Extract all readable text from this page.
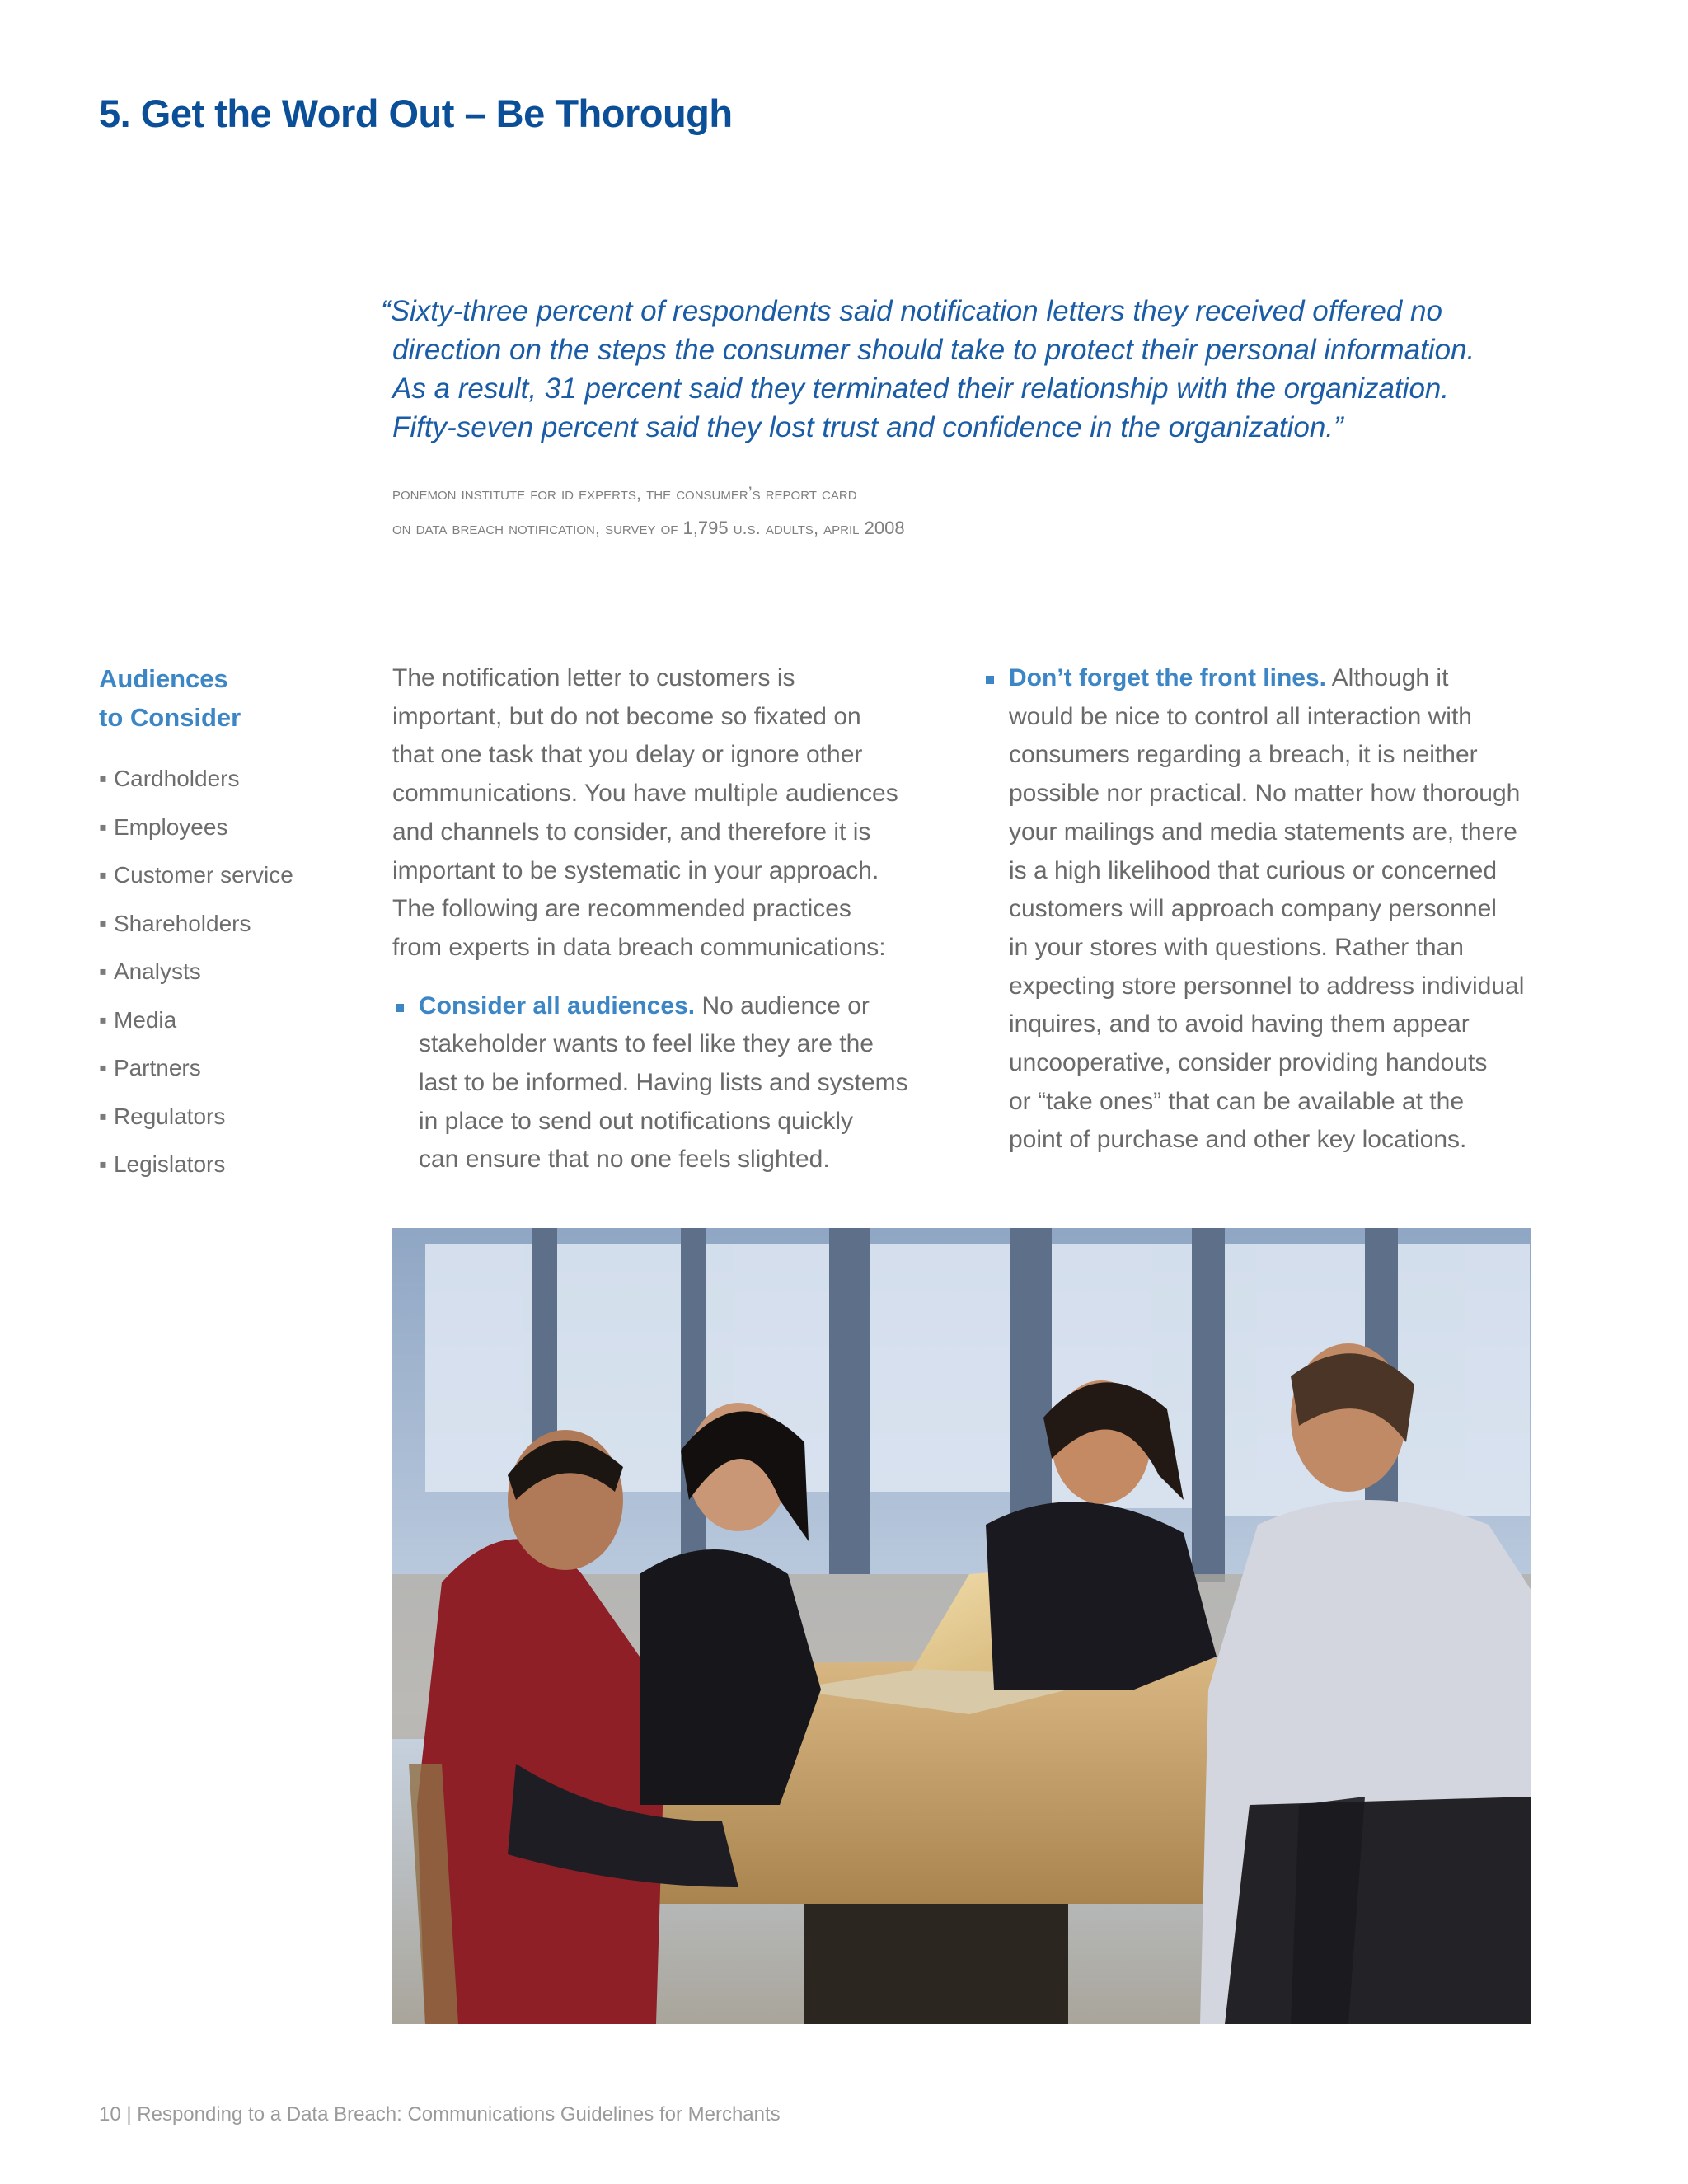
5. Get the Word Out – Be Thorough
“Sixty-three percent of respondents said notification letters they received offered no
direction on the steps the consumer should take to protect their personal information.
As a result, 31 percent said they terminated their relationship with the organization.
Fifty-seven percent said they lost trust and confidence in the organization.”

ponemon institute for id experts, the consumer’s report card
on data breach notification, survey of 1,795 u.s. adults, april 2008

Audiences
to Consider
▪ Cardholders
▪ Employees
▪ Customer service
▪ Shareholders
▪ Analysts
▪ Media
▪ Partners
▪ Regulators
▪ Legislators
The notification letter to customers is
important, but do not become so fixated on
that one task that you delay or ignore other
communications. You have multiple audiences
and channels to consider, and therefore it is
important to be systematic in your approach.
The following are recommended practices
from experts in data breach communications:
Consider all audiences. No audience or
stakeholder wants to feel like they are the
last to be informed. Having lists and systems
in place to send out notifications quickly
can ensure that no one feels slighted.
Don’t forget the front lines. Although it
would be nice to control all interaction with
consumers regarding a breach, it is neither
possible nor practical. No matter how thorough
your mailings and media statements are, there
is a high likelihood that curious or concerned
customers will approach company personnel
in your stores with questions. Rather than
expecting store personnel to address individual
inquires, and to avoid having them appear
uncooperative, consider providing handouts
or “take ones” that can be available at the
point of purchase and other key locations.

10 | Responding to a Data Breach: Communications Guidelines for Merchants
